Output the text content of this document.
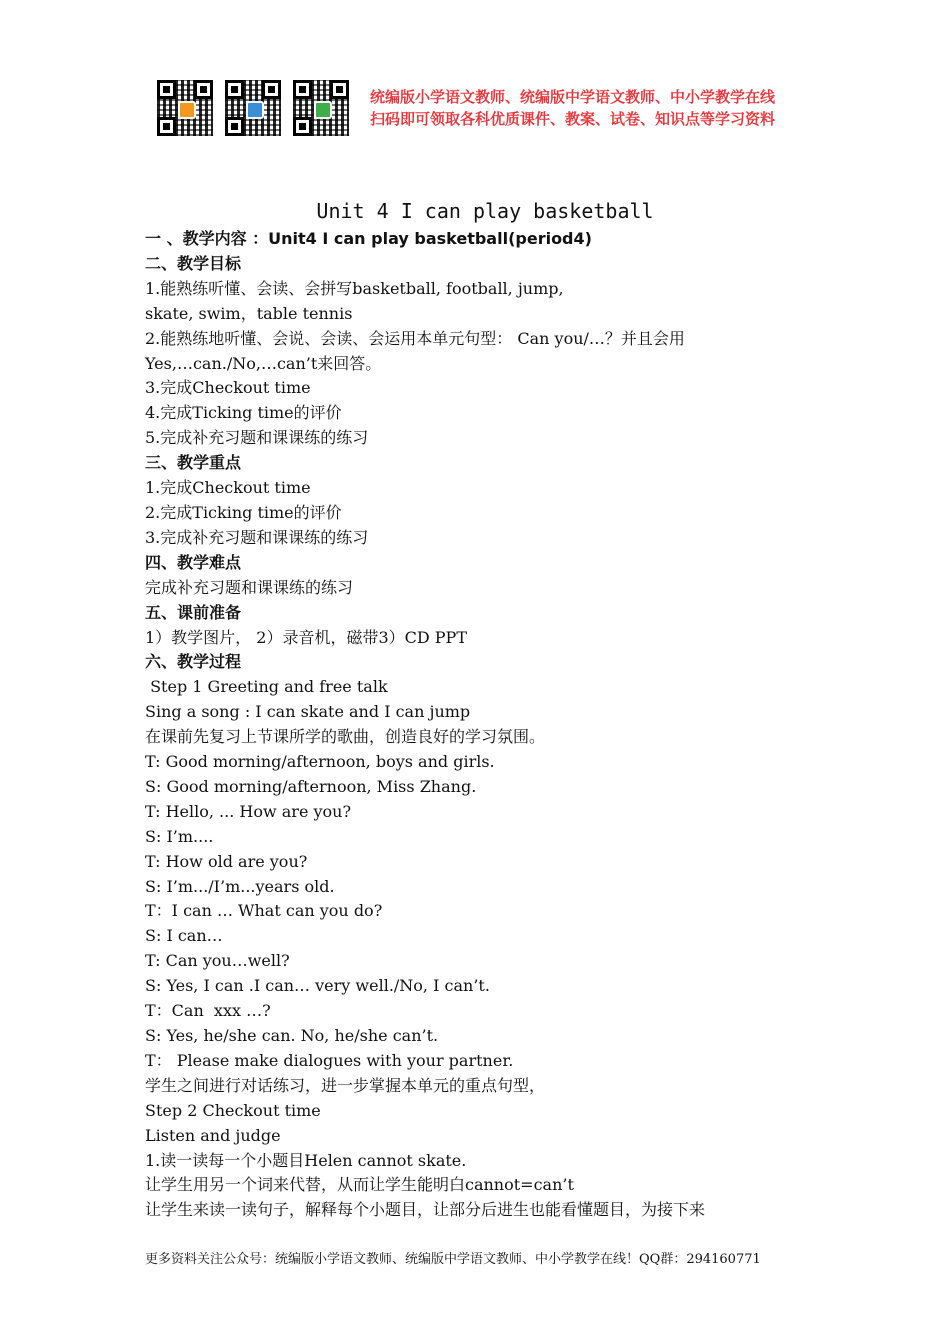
统编版小学语文教师、统编版中学语文教师、中小学教学在线
扫码即可领取各科优质课件、教案、试卷、知识点等学习资料
Unit 4 I can play basketball
一 、教学内容 ：Unit4 I can play basketball(period4)
二、教学目标
1.能熟练听懂、会读、会拼写basketball, football, jump,
skate, swim，table tennis
2.能熟练地听懂、会说、会读、会运用本单元句型： Can you/…？并且会用
Yes,…can./No,…can’t来回答。
3.完成Checkout time
4.完成Ticking time的评价
5.完成补充习题和课课练的练习
三、教学重点
1.完成Checkout time
2.完成Ticking time的评价
3.完成补充习题和课课练的练习
四、教学难点
完成补充习题和课课练的练习
五、课前准备
1）教学图片， 2）录音机，磁带3）CD PPT
六、教学过程
Step 1 Greeting and free talk
Sing a song : I can skate and I can jump
在课前先复习上节课所学的歌曲，创造良好的学习氛围。
T: Good morning/afternoon, boys and girls.
S: Good morning/afternoon, Miss Zhang.
T: Hello, ... How are you?
S: I’m....
T: How old are you?
S: I’m.../I’m...years old.
T：I can … What can you do?
S: I can…
T: Can you…well?
S: Yes, I can .I can… very well./No, I can’t.
T：Can  xxx …?
S: Yes, he/she can. No, he/she can’t.
T： Please make dialogues with your partner.
学生之间进行对话练习，进一步掌握本单元的重点句型，
Step 2 Checkout time
Listen and judge
1.读一读每一个小题目Helen cannot skate.
让学生用另一个词来代替，从而让学生能明白cannot=can’t
让学生来读一读句子，解释每个小题目，让部分后进生也能看懂题目，为接下来
更多资料关注公众号：统编版小学语文教师、统编版中学语文教师、中小学教学在线！QQ群：294160771
